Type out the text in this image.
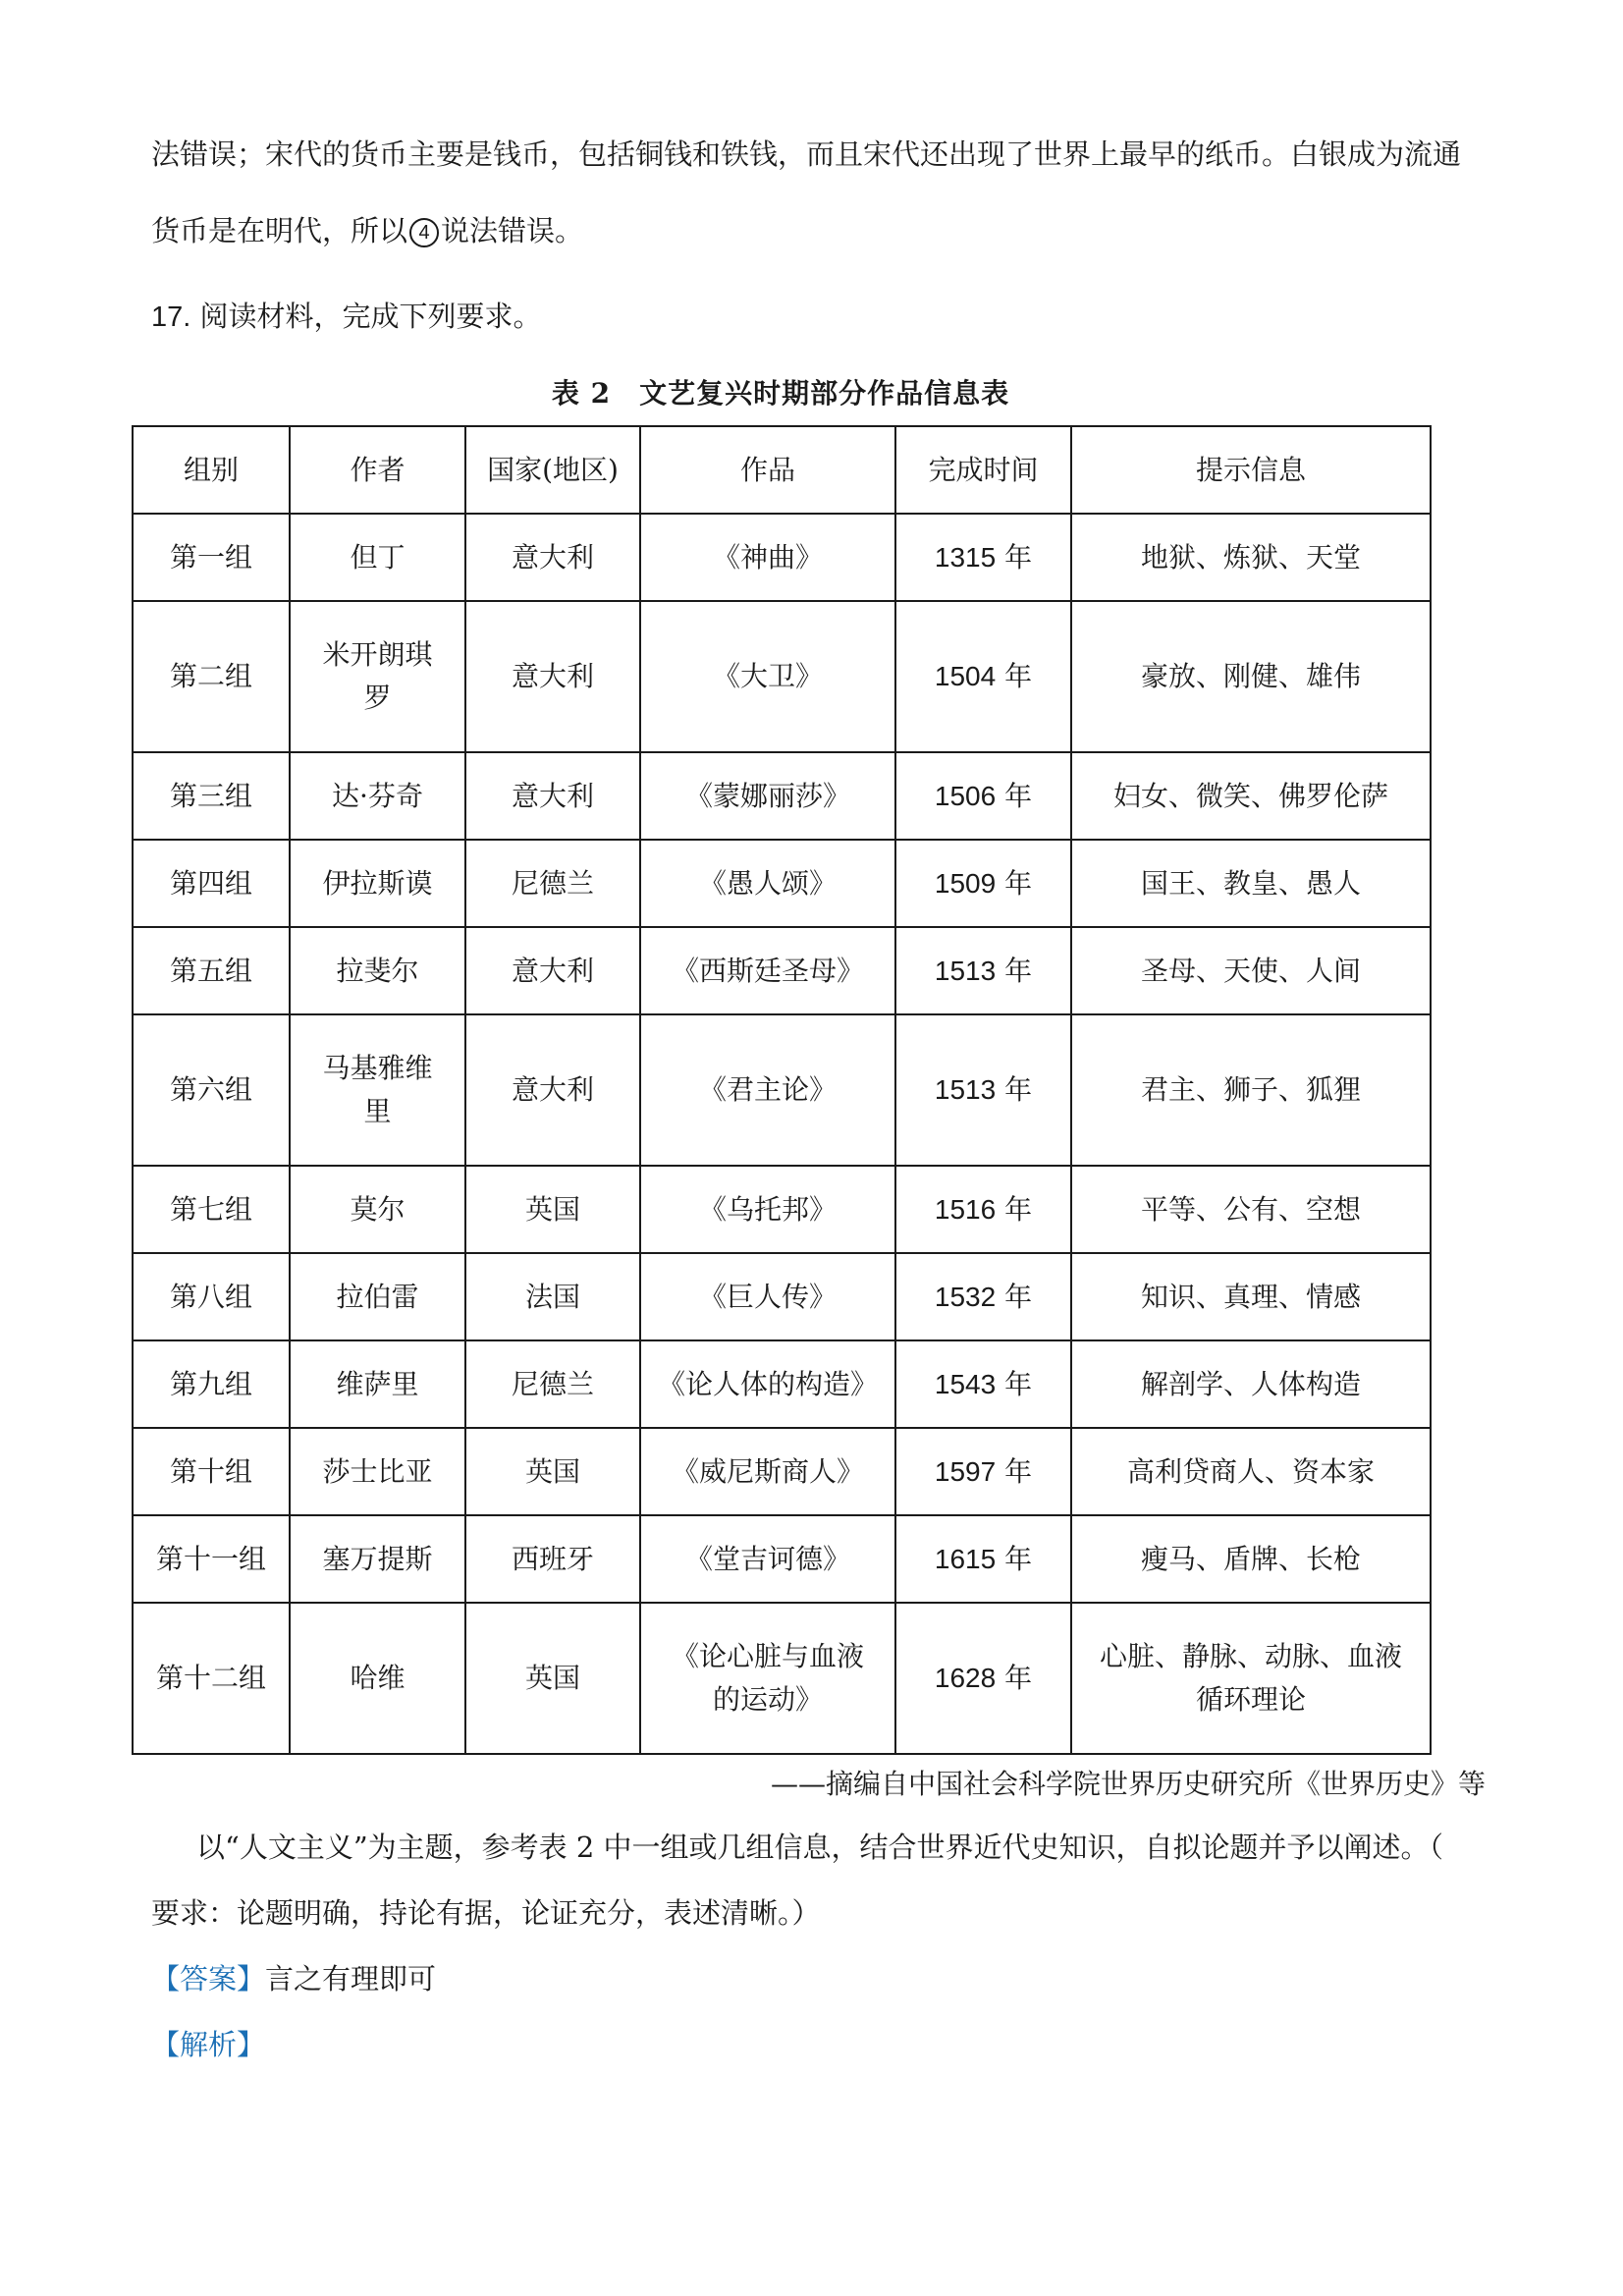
法错误；宋代的货币主要是钱币，包括铜钱和铁钱，而且宋代还出现了世界上最早的纸币。白银成为流通
货币是在明代，所以 4 说法错误。
17. 阅读材料，完成下列要求。
表 2　文艺复兴时期部分作品信息表
组别	作者	国家(地区)	作品	完成时间	提示信息
第一组	但丁	意大利	《神曲》	1315 年	地狱、炼狱、天堂
第二组	米开朗琪罗	意大利	《大卫》	1504 年	豪放、刚健、雄伟
第三组	达·芬奇	意大利	《蒙娜丽莎》	1506 年	妇女、微笑、佛罗伦萨
第四组	伊拉斯谟	尼德兰	《愚人颂》	1509 年	国王、教皇、愚人
第五组	拉斐尔	意大利	《西斯廷圣母》	1513 年	圣母、天使、人间
第六组	马基雅维里	意大利	《君主论》	1513 年	君主、狮子、狐狸
第七组	莫尔	英国	《乌托邦》	1516 年	平等、公有、空想
第八组	拉伯雷	法国	《巨人传》	1532 年	知识、真理、情感
第九组	维萨里	尼德兰	《论人体的构造》	1543 年	解剖学、人体构造
第十组	莎士比亚	英国	《威尼斯商人》	1597 年	高利贷商人、资本家
第十一组	塞万提斯	西班牙	《堂吉诃德》	1615 年	瘦马、盾牌、长枪
第十二组	哈维	英国	《论心脏与血液的运动》	1628 年	心脏、静脉、动脉、血液循环理论
——摘编自中国社会科学院世界历史研究所《世界历史》等
以“人文主义”为主题，参考表 2 中一组或几组信息，结合世界近代史知识，自拟论题并予以阐述。（
要求：论题明确，持论有据，论证充分，表述清晰。）
【答案】言之有理即可
【解析】
